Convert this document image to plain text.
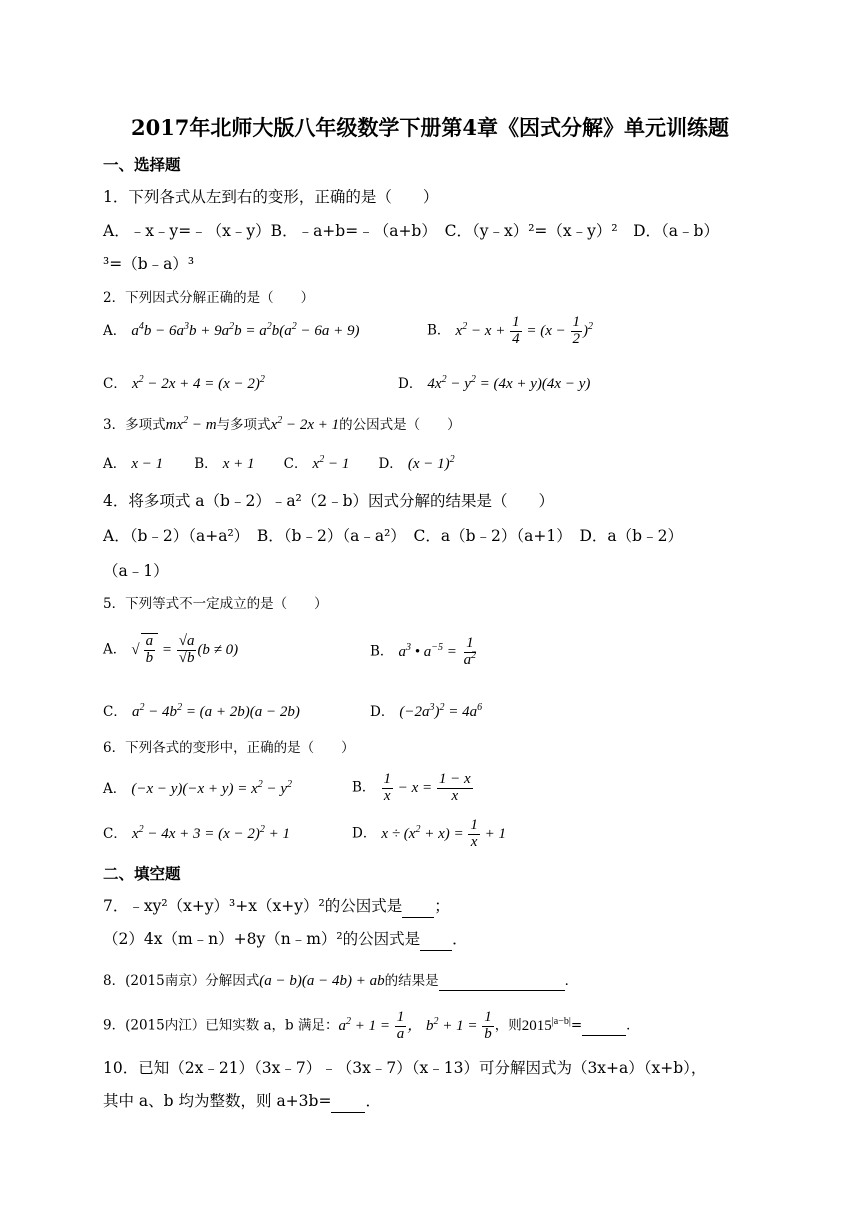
2017年北师大版八年级数学下册第4章《因式分解》单元训练题
一、选择题
1．下列各式从左到右的变形，正确的是（　　）
A．﹣x﹣y=﹣（x﹣y）B．﹣a+b=﹣（a+b）　C．（y﹣x）²=（x﹣y）²　D．（a﹣b）
³=（b﹣a）³
2．下列因式分解正确的是（　　）
A． $a^4b - 6a^3b + 9a^2b = a^2b(a^2 - 6a + 9)$	B． $x^2 - x + \frac{1}{4} = (x - \frac{1}{2} )^2$
C． $x^2 - 2x + 4 = (x - 2)^2$	D． $4x^2 - y^2 = (4x + y)(4x - y)$
3．多项式$mx^2 - m$与多项式$x^2 - 2x + 1$的公因式是（　　）
A． x − 1 B． x + 1 C． $x^2 - 1$ D． $(x - 1)^2$
4．将多项式 a（b﹣2）﹣a²（2﹣b）因式分解的结果是（　　）
A．（b﹣2）（a+a²）　B．（b﹣2）（a﹣a²）　C．a（b﹣2）（a+1）　D．a（b﹣2）
（a﹣1）
5．下列等式不一定成立的是（　　）
A． √ $\frac{a}{b} = \frac{√a}{√b} (b \ne 0)$	B． $a^3$ • $a^{-5} = \frac{1}{a^2}$
C． $a^2 - 4b^2 = (a + 2b)(a - 2b)$	D． $(-2a^3)^2 = 4a^6$
6．下列各式的变形中，正确的是（　　）
A． $(-x - y)(-x + y) = x^2 - y^2$	B． $\frac{1}{x} - x = \frac{1 - x}{x}$
C． $x^2 - 4x + 3 = (x - 2)^2 + 1$	D． $x \div (x^2 + x) = \frac{1}{x} + 1$
二、填空题
7．﹣xy²（x+y）³+x（x+y）²的公因式是 ；
（2）4x（m﹣n）+8y（n﹣m）²的公因式是 ．
8．(2015南京）分解因式(a − b)(a − 4b) + ab的结果是	．
9．(2015内江）已知实数 a，b 满足：$a^2 + 1 = \frac{1}{a}$ ， $b^2 + 1 = \frac{1}{b}$ ，则$2015^{|a-b|}=$	．
10．已知（2x﹣21）（3x﹣7）﹣（3x﹣7）（x﹣13）可分解因式为（3x+a）（x+b），
其中 a、b 均为整数，则 a+3b= ．
